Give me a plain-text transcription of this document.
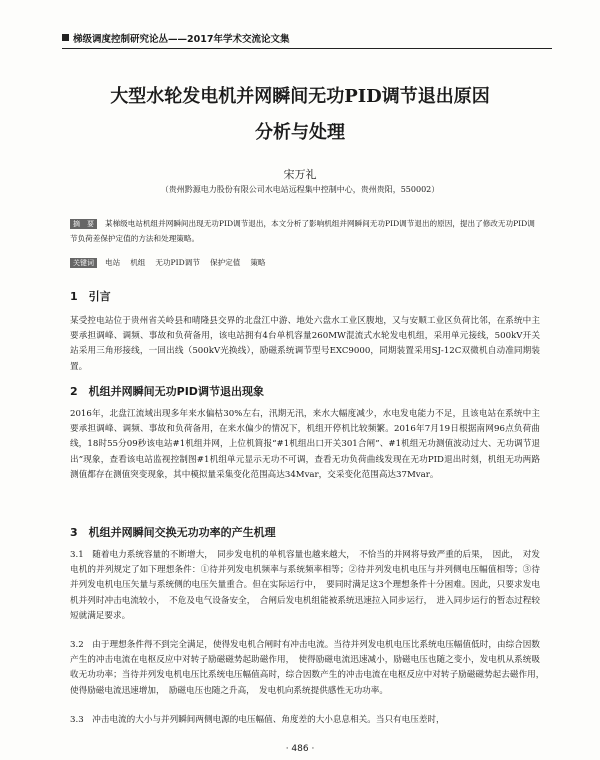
梯级调度控制研究论丛——2017年学术交流论文集
大型水轮发电机并网瞬间无功PID调节退出原因
分析与处理
宋万礼
（贵州黔源电力股份有限公司水电站远程集中控制中心，贵州贵阳，550002）
摘　要 某梯级电站机组并网瞬间出现无功PID调节退出，本文分析了影响机组并网瞬间无功PID调节退出的原因，提出了修改无功PID调节负荷差保护定值的方法和处理策略。
关键词 电站 机组 无功PID调节 保护定值 策略
1　引言
某受控电站位于贵州省关岭县和晴隆县交界的北盘江中游、地处六盘水工业区腹地，又与安顺工业区负荷比邻，在系统中主要承担调峰、调频、事故和负荷备用，该电站拥有4台单机容量260MW混流式水轮发电机组，采用单元接线，500kV开关站采用三角形接线，一回出线（500kV光换线），励磁系统调节型号EXC9000，同期装置采用SJ-12C双微机自动准同期装置。
2　机组并网瞬间无功PID调节退出现象
2016年，北盘江流域出现多年来水偏枯30%左右，汛期无汛，来水大幅度减少，水电发电能力不足，且该电站在系统中主要承担调峰、调频、事故和负荷备用，在来水偏少的情况下，机组开停机比较频繁。2016年7月19日根据南网96点负荷曲线，18时55分09秒该电站#1机组并网，上位机简报“#1机组出口开关301合闸”、#1机组无功测值波动过大、无功调节退出”现象，查看该电站监视控制图#1机组单元显示无功不可调，查看无功负荷曲线发现在无功PID退出时刻，机组无功两路测值都存在测值突变现象，其中模拟量采集变化范围高达34Mvar，交采变化范围高达37Mvar。
3　机组并网瞬间交换无功功率的产生机理
3.1　随着电力系统容量的不断增大，　同步发电机的单机容量也越来越大，　不恰当的并网将导致严重的后果，　因此，　对发电机的并列规定了如下理想条件：①待并列发电机频率与系统频率相等；②待并列发电机电压与并列侧电压幅值相等；③待并列发电机电压矢量与系统侧的电压矢量重合。但在实际运行中，　要同时满足这3个理想条件十分困难。因此，只要求发电机并列时冲击电流较小，　不危及电气设备安全，　合闸后发电机组能被系统迅速拉入同步运行，　进入同步运行的暂态过程较短就满足要求。
3.2　由于理想条件得不到完全满足，使得发电机合闸时有冲击电流。当待并列发电机电压比系统电压幅值低时，由综合因数产生的冲击电流在电枢反应中对转子励磁磁势起助磁作用，　使得励磁电流迅速减小，励磁电压也随之变小，发电机从系统吸收无功功率；当待并列发电机电压比系统电压幅值高时，综合因数产生的冲击电流在电枢反应中对转子励磁磁势起去磁作用，　使得励磁电流迅速增加，　励磁电压也随之升高，　发电机向系统提供感性无功功率。
3.3　冲击电流的大小与并列瞬间两侧电源的电压幅值、角度差的大小息息相关。当只有电压差时，
· 486 ·
